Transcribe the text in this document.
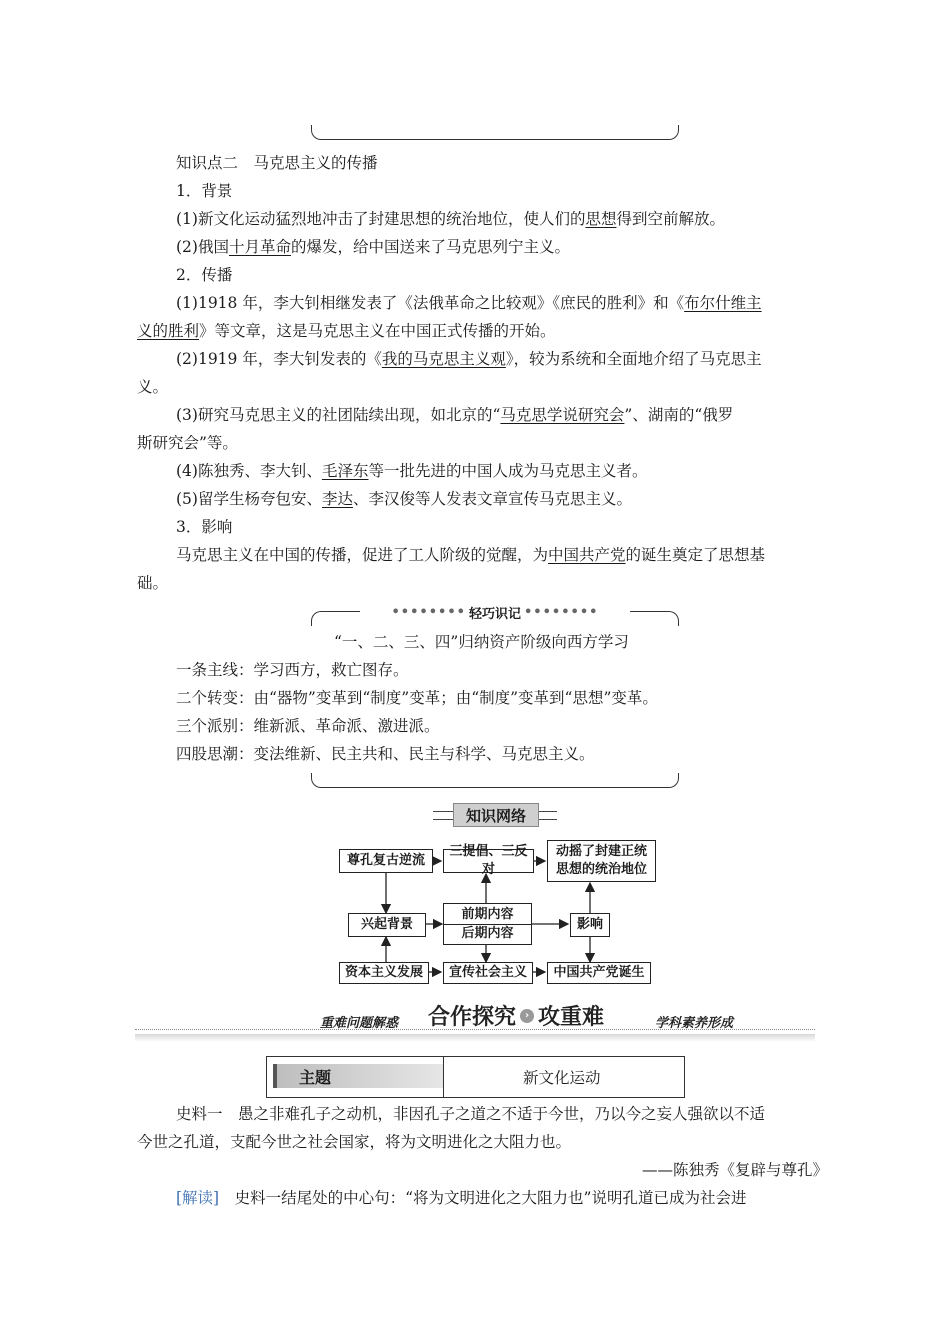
知识点二　马克思主义的传播
1．背景
(1)新文化运动猛烈地冲击了封建思想的统治地位，使人们的思想得到空前解放。
(2)俄国十月革命的爆发，给中国送来了马克思列宁主义。
2．传播
(1)1918 年，李大钊相继发表了《法俄革命之比较观》《庶民的胜利》和《布尔什维主
义的胜利》等文章，这是马克思主义在中国正式传播的开始。
(2)1919 年，李大钊发表的《我的马克思主义观》，较为系统和全面地介绍了马克思主
义。
(3)研究马克思主义的社团陆续出现，如北京的“马克思学说研究会”、湖南的“俄罗
斯研究会”等。
(4)陈独秀、李大钊、毛泽东等一批先进的中国人成为马克思主义者。
(5)留学生杨夸包安、李达、李汉俊等人发表文章宣传马克思主义。
3．影响
马克思主义在中国的传播，促进了工人阶级的觉醒，为中国共产党的诞生奠定了思想基
础。
•••••••• 轻巧识记 ••••••••
“一、二、三、四”归纳资产阶级向西方学习
一条主线：学习西方，救亡图存。
二个转变：由“器物”变革到“制度”变革；由“制度”变革到“思想”变革。
三个派别：维新派、革命派、激进派。
四股思潮：变法维新、民主共和、民主与科学、马克思主义。
知识网络
尊孔复古逆流
三提倡、三反对
动摇了封建正统思想的统治地位
兴起背景
前期内容
后期内容
影响
资本主义发展 宣传社会主义 中国共产党诞生
重难问题解惑 合作探究 › 攻重难	学科素养形成
主题	新文化运动
史料一　愚之非难孔子之动机，非因孔子之道之不适于今世，乃以今之妄人强欲以不适
今世之孔道，支配今世之社会国家，将为文明进化之大阻力也。
——陈独秀《复辟与尊孔》
[解读]　史料一结尾处的中心句：“将为文明进化之大阻力也”说明孔道已成为社会进
